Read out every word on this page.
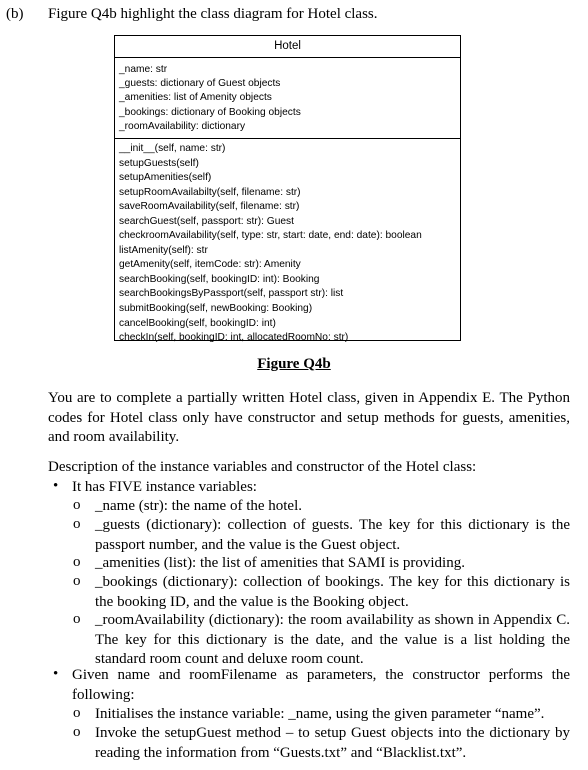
(b) Figure Q4b highlight the class diagram for Hotel class.
Hotel
_name: str
_guests: dictionary of Guest objects
_amenities: list of Amenity objects
_bookings: dictionary of Booking objects
_roomAvailability: dictionary
__init__(self, name: str)
setupGuests(self)
setupAmenities(self)
setupRoomAvailabilty(self, filename: str)
saveRoomAvailability(self, filename: str)
searchGuest(self, passport: str): Guest
checkroomAvailability(self, type: str, start: date, end: date): boolean
listAmenity(self): str
getAmenity(self, itemCode: str): Amenity
searchBooking(self, bookingID: int): Booking
searchBookingsByPassport(self, passport str): list
submitBooking(self, newBooking: Booking)
cancelBooking(self, bookingID: int)
checkIn(self, bookingID: int, allocatedRoomNo: str)
Figure Q4b
You are to complete a partially written Hotel class, given in Appendix E. The Python codes for Hotel class only have constructor and setup methods for guests, amenities, and room availability.
Description of the instance variables and constructor of the Hotel class:
• It has FIVE instance variables:
o _name (str): the name of the hotel.
o _guests (dictionary): collection of guests. The key for this dictionary is the passport number, and the value is the Guest object.
o _amenities (list): the list of amenities that SAMI is providing.
o _bookings (dictionary): collection of bookings. The key for this dictionary is the booking ID, and the value is the Booking object.
o _roomAvailability (dictionary): the room availability as shown in Appendix C. The key for this dictionary is the date, and the value is a list holding the standard room count and deluxe room count.
• Given name and roomFilename as parameters, the constructor performs the following:
o Initialises the instance variable: _name, using the given parameter “name”.
o Invoke the setupGuest method – to setup Guest objects into the dictionary by reading the information from “Guests.txt” and “Blacklist.txt”.
